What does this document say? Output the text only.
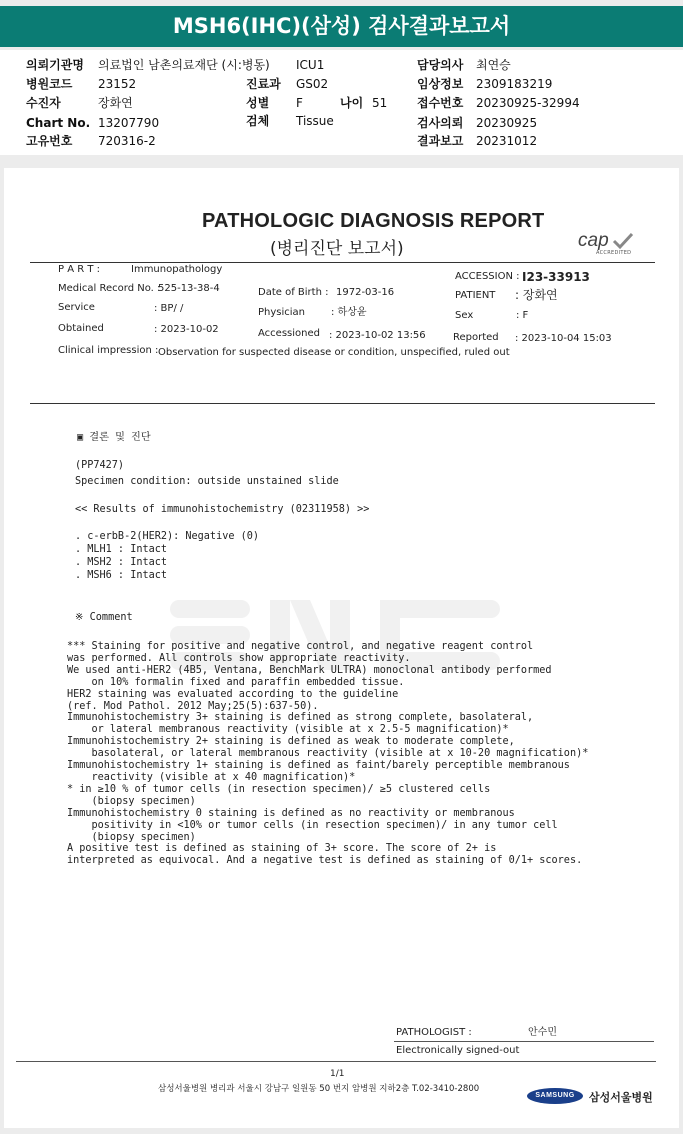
MSH6(IHC)(삼성) 검사결과보고서
의뢰기관명 의료법인 남촌의료재단 (시:병동) ICU1	담당의사 최연승
병원코드 23152	진료과 GS02	임상정보 2309183219
수진자	장화연	성별 F	나이 51 접수번호 20230925-32994
Chart No. 13207790	검체 Tissue	검사의뢰 20230925
고유번호 720316-2	결과보고 20231012
PATHOLOGIC DIAGNOSIS REPORT
(병리진단 보고서)	cap
ACCREDITED
P A R T :	Immunopathology
ACCESSION : I23-33913
Medical Record No. :
525-13-38-4	Date of Birth : 1972-03-16	PATIENT : 장화연
Service	: BP/ /	Physician	: 하상윤	Sex	: F
Obtained	: 2023-10-02	Accessioned : 2023-10-02 13:56	Reported : 2023-10-04 15:03
Clinical impression : Observation for suspected disease or condition, unspecified, ruled out
▣ 결론 및 진단
(PP7427)
Specimen condition: outside unstained slide
<< Results of immunohistochemistry (02311958) >>
. c-erbB-2(HER2): Negative (0)
. MLH1 : Intact
. MSH2 : Intact
. MSH6 : Intact
※ Comment
*** Staining for positive and negative control, and negative reagent control
was performed. All controls show appropriate reactivity.
We used anti-HER2 (4B5, Ventana, BenchMark ULTRA) monoclonal antibody performed
on 10% formalin fixed and paraffin embedded tissue.
HER2 staining was evaluated according to the guideline
(ref. Mod Pathol. 2012 May;25(5):637-50).
Immunohistochemistry 3+ staining is defined as strong complete, basolateral,
or lateral membranous reactivity (visible at x 2.5-5 magnification)*
Immunohistochemistry 2+ staining is defined as weak to moderate complete,
basolateral, or lateral membranous reactivity (visible at x 10-20 magnification)*
Immunohistochemistry 1+ staining is defined as faint/barely perceptible membranous
reactivity (visible at x 40 magnification)*
* in ≥10 % of tumor cells (in resection specimen)/ ≥5 clustered cells
(biopsy specimen)
Immunohistochemistry 0 staining is defined as no reactivity or membranous
positivity in <10% or tumor cells (in resection specimen)/ in any tumor cell
(biopsy specimen)
A positive test is defined as staining of 3+ score. The score of 2+ is
interpreted as equivocal. And a negative test is defined as staining of 0/1+ scores.
PATHOLOGIST :	안수민
Electronically signed-out
1/1
삼성서울병원 병리과 서울시 강남구 일원동 50 번지 암병원 지하2층 T.02-3410-2800
SAMSUNG	삼성서울병원
